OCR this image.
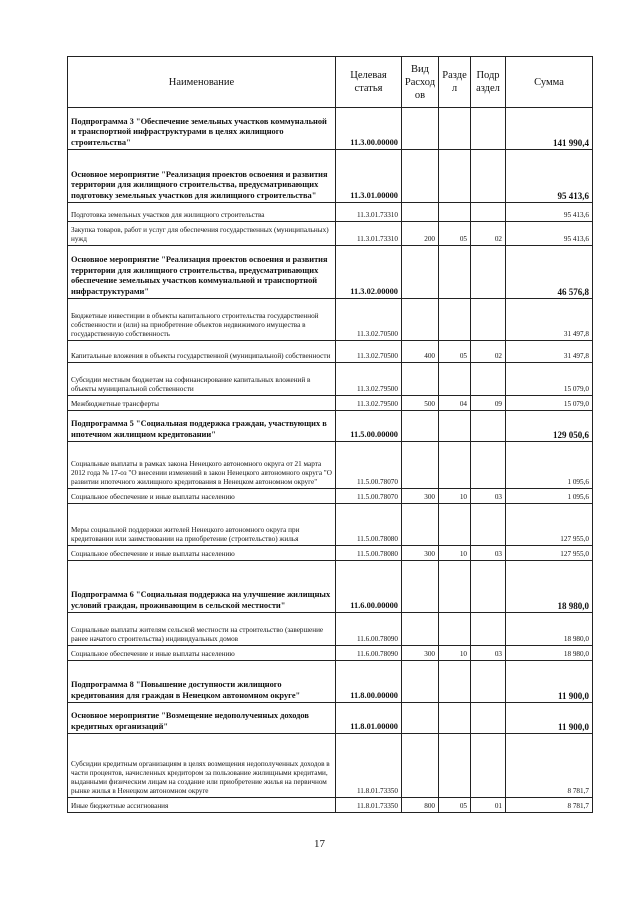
Наименование	Целевая статья	Вид Расход ов	Разде л	Подр аздел	Сумма
Подпрограмма 3 "Обеспечение земельных участков коммунальной и транспортной инфраструктурами в целях жилищного строительства"	11.3.00.00000				141 990,4
Основное мероприятие "Реализация проектов освоения и развития территории для жилищного строительства, предусматривающих подготовку земельных участков для жилищного строительства"	11.3.01.00000				95 413,6
Подготовка земельных участков для жилищного строительства	11.3.01.73310				95 413,6
Закупка товаров, работ и услуг для обеспечения государственных (муниципальных) нужд	11.3.01.73310	200	05	02	95 413,6
Основное мероприятие "Реализация проектов освоения и развития территории для жилищного строительства, предусматривающих обеспечение земельных участков коммунальной и транспортной инфраструктурами"	11.3.02.00000				46 576,8
Бюджетные инвестиции в объекты капитального строительства государственной собственности и (или) на приобретение объектов недвижимого имущества в государственную собственность	11.3.02.70500				31 497,8
Капитальные вложения в объекты государственной (муниципальной) собственности	11.3.02.70500	400	05	02	31 497,8
Субсидии местным бюджетам на софинансирование капитальных вложений в объекты муниципальной собственности	11.3.02.79500				15 079,0
Межбюджетные трансферты	11.3.02.79500	500	04	09	15 079,0
Подпрограмма 5 "Социальная поддержка граждан, участвующих в ипотечном жилищном кредитовании"	11.5.00.00000				129 050,6
Социальные выплаты в рамках закона Ненецкого автономного округа от 21 марта 2012 года № 17-оз "О внесении изменений в закон Ненецкого автономного округа "О развитии ипотечного жилищного кредитования в Ненецком автономном округе"	11.5.00.78070				1 095,6
Социальное обеспечение и иные выплаты населению	11.5.00.78070	300	10	03	1 095,6
Меры социальной поддержки жителей Ненецкого автономного округа при кредитовании или заимствовании на приобретение (строительство) жилья	11.5.00.78080				127 955,0
Социальное обеспечение и иные выплаты населению	11.5.00.78080	300	10	03	127 955,0
Подпрограмма 6 "Социальная поддержка на улучшение жилищных условий граждан, проживающим в сельской местности"	11.6.00.00000				18 980,0
Социальные выплаты жителям сельской местности на строительство (завершение ранее начатого строительства) индивидуальных домов	11.6.00.78090				18 980,0
Социальное обеспечение и иные выплаты населению	11.6.00.78090	300	10	03	18 980,0
Подпрограмма 8 "Повышение доступности жилищного кредитования для граждан в Ненецком автономном округе"	11.8.00.00000				11 900,0
Основное мероприятие "Возмещение недополученных доходов кредитных организаций"	11.8.01.00000				11 900,0
Субсидии кредитным организациям в целях возмещения недополученных доходов в части процентов, начисленных кредитором за пользование жилищными кредитами, выданными физическим лицам на создание или приобретение жилья на первичном рынке жилья в Ненецком автономном округе	11.8.01.73350				8 781,7
Иные бюджетные ассигнования	11.8.01.73350	800	05	01	8 781,7
17
